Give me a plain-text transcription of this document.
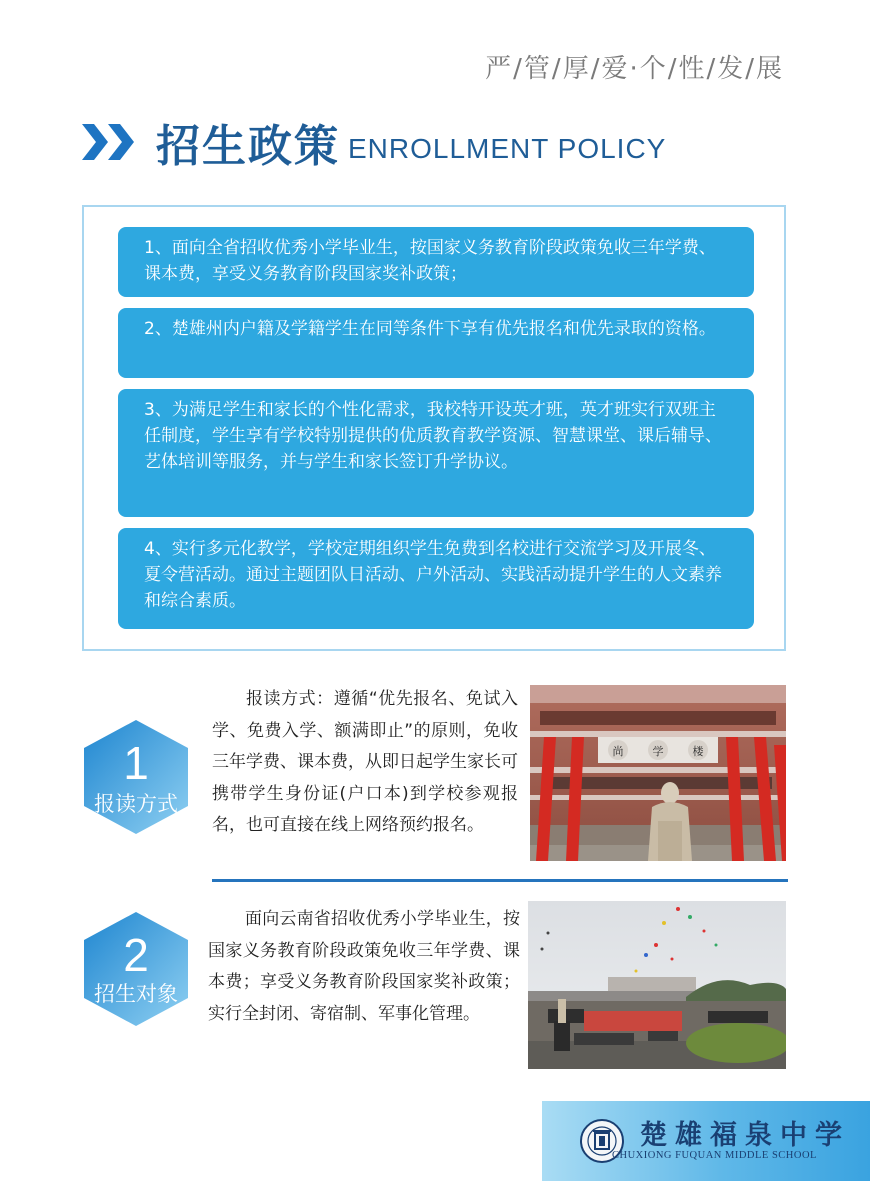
严/管/厚/爱·个/性/发/展
招生政策 ENROLLMENT POLICY
1、面向全省招收优秀小学毕业生，按国家义务教育阶段政策免收三年学费、课本费，享受义务教育阶段国家奖补政策；
2、楚雄州内户籍及学籍学生在同等条件下享有优先报名和优先录取的资格。
3、为满足学生和家长的个性化需求，我校特开设英才班，英才班实行双班主任制度，学生享有学校特别提供的优质教育教学资源、智慧课堂、课后辅导、艺体培训等服务，并与学生和家长签订升学协议。
4、实行多元化教学，学校定期组织学生免费到名校进行交流学习及开展冬、夏令营活动。通过主题团队日活动、户外活动、实践活动提升学生的人文素养和综合素质。
1
报读方式
报读方式：遵循“优先报名、免试入学、免费入学、额满即止”的原则，免收三年学费、课本费，从即日起学生家长可携带学生身份证(户口本)到学校参观报名，也可直接在线上网络预约报名。
尚	学	楼
2
招生对象
面向云南省招收优秀小学毕业生，按国家义务教育阶段政策免收三年学费、课本费；享受义务教育阶段国家奖补政策；实行全封闭、寄宿制、军事化管理。
楚雄福泉中学
CHUXIONG FUQUAN MIDDLE SCHOOL
